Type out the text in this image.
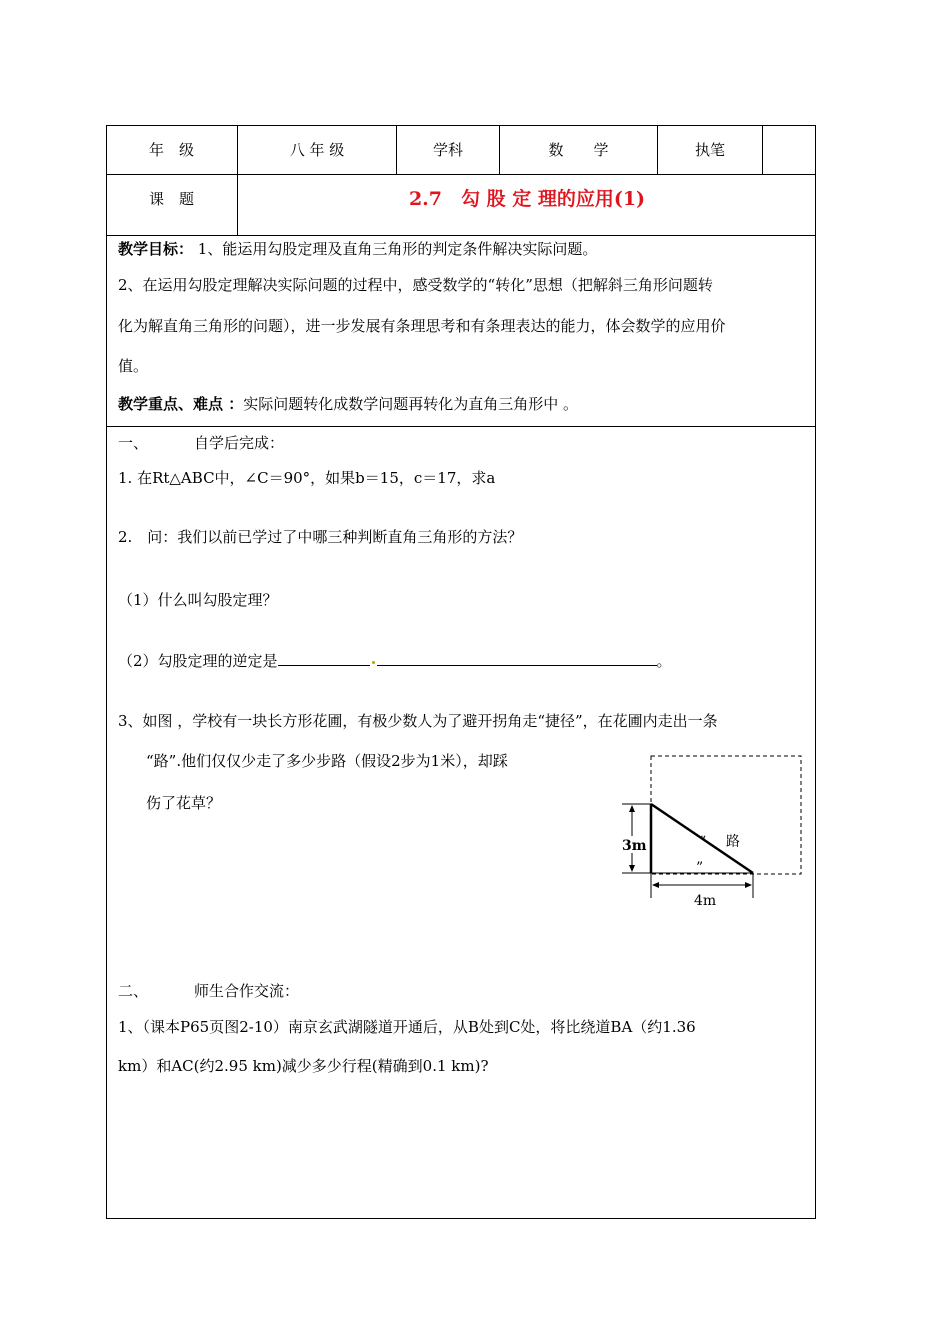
年　级	八 年 级	学科	数　　学	执笔
课　题	2.7　勾 股 定 理的应用(1)
教学目标： 1、能运用勾股定理及直角三角形的判定条件解决实际问题。
2、在运用勾股定理解决实际问题的过程中，感受数学的“转化”思想（把解斜三角形问题转
化为解直角三角形的问题），进一步发展有条理思考和有条理表达的能力，体会数学的应用价
值。
教学重点、难点 ：实际问题转化成数学问题再转化为直角三角形中 。
一、	自学后完成：
1. 在Rt△ABC中，∠C＝90°，如果b＝15，c＝17，求a
2.　问：我们以前已学过了中哪三种判断直角三角形的方法？
（1）什么叫勾股定理？
（2）勾股定理的逆定是	。
3、如图 ，学校有一块长方形花圃，有极少数人为了避开拐角走“捷径”，在花圃内走出一条
“路”.他们仅仅少走了多少步路（假设2步为1米），却踩
伤了花草？
3m
4m
“ 路
”
二、	师生合作交流：
1、（课本P65页图2-10）南京玄武湖隧道开通后，从B处到C处，将比绕道BA（约1.36
km）和AC(约2.95 km)减少多少行程(精确到0.1 km)?
